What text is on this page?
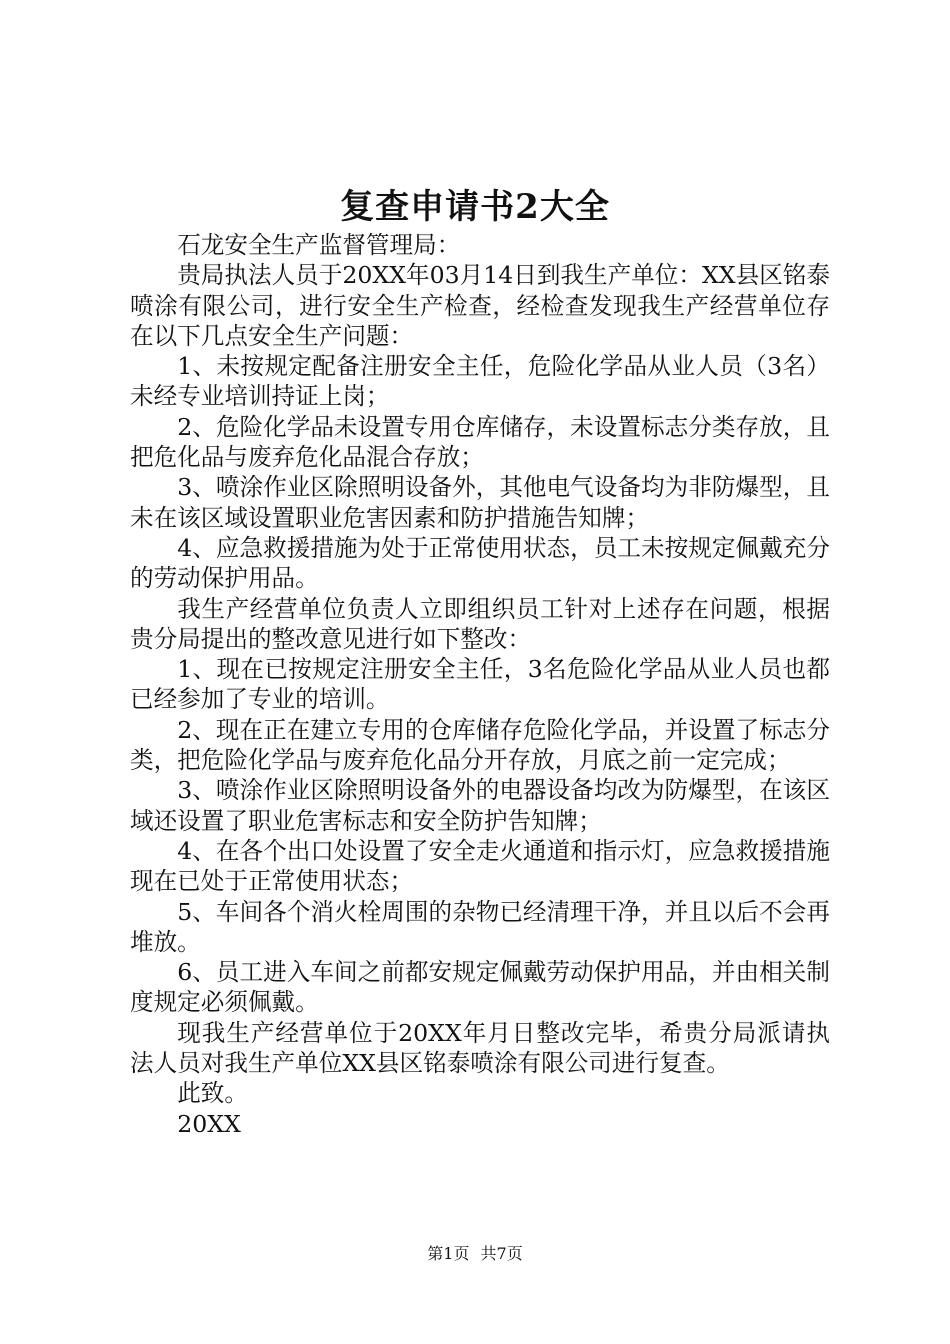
复查申请书2大全

石龙安全生产监督管理局：

贵局执法人员于20XX年03月14日到我生产单位：XX县区铭泰喷涂有限公司，进行安全生产检查，经检查发现我生产经营单位存在以下几点安全生产问题：

1、未按规定配备注册安全主任，危险化学品从业人员（3名）未经专业培训持证上岗；

2、危险化学品未设置专用仓库储存，未设置标志分类存放，且把危化品与废弃危化品混合存放；

3、喷涂作业区除照明设备外，其他电气设备均为非防爆型，且未在该区域设置职业危害因素和防护措施告知牌；

4、应急救援措施为处于正常使用状态，员工未按规定佩戴充分的劳动保护用品。

我生产经营单位负责人立即组织员工针对上述存在问题，根据贵分局提出的整改意见进行如下整改：

1、现在已按规定注册安全主任，3名危险化学品从业人员也都已经参加了专业的培训。

2、现在正在建立专用的仓库储存危险化学品，并设置了标志分类，把危险化学品与废弃危化品分开存放，月底之前一定完成；

3、喷涂作业区除照明设备外的电器设备均改为防爆型，在该区域还设置了职业危害标志和安全防护告知牌；

4、在各个出口处设置了安全走火通道和指示灯，应急救援措施现在已处于正常使用状态；

5、车间各个消火栓周围的杂物已经清理干净，并且以后不会再堆放。

6、员工进入车间之前都安规定佩戴劳动保护用品，并由相关制度规定必须佩戴。

现我生产经营单位于20XX年月日整改完毕，希贵分局派请执法人员对我生产单位XX县区铭泰喷涂有限公司进行复查。

此致。

20XX

第1页 共7页
